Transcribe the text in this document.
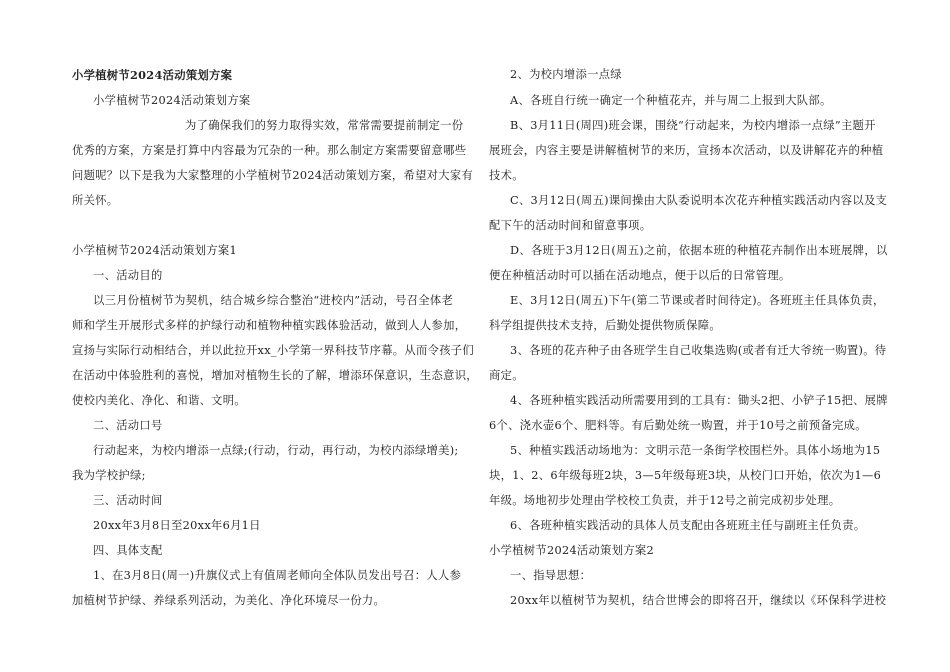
小学植树节2024活动策划方案
小学植树节2024活动策划方案
为了确保我们的努力取得实效，常常需要提前制定一份
优秀的方案，方案是打算中内容最为冗杂的一种。那么制定方案需要留意哪些
问题呢？以下是我为大家整理的小学植树节2024活动策划方案，希望对大家有
所关怀。
小学植树节2024活动策划方案1
一、活动目的
以三月份植树节为契机，结合城乡综合整治“进校内”活动，号召全体老
师和学生开展形式多样的护绿行动和植物种植实践体验活动，做到人人参加，
宣扬与实际行动相结合，并以此拉开xx_小学第一界科技节序幕。从而令孩子们
在活动中体验胜利的喜悦，增加对植物生长的了解，增添环保意识，生态意识，
使校内美化、净化、和谐、文明。
二、活动口号
行动起来，为校内增添一点绿;(行动，行动，再行动，为校内添绿增美);
我为学校护绿;
三、活动时间
20xx年3月8日至20xx年6月1日
四、具体支配
1、在3月8日(周一)升旗仪式上有值周老师向全体队员发出号召：人人参
加植树节护绿、养绿系列活动，为美化、净化环境尽一份力。
2、为校内增添一点绿
A、各班自行统一确定一个种植花卉，并与周二上报到大队部。
B、3月11日(周四)班会课，围绕“行动起来，为校内增添一点绿”主题开
展班会，内容主要是讲解植树节的来历，宣扬本次活动，以及讲解花卉的种植
技术。
C、3月12日(周五)课间操由大队委说明本次花卉种植实践活动内容以及支
配下午的活动时间和留意事项。
D、各班于3月12日(周五)之前，依据本班的种植花卉制作出本班展牌，以
便在种植活动时可以插在活动地点，便于以后的日常管理。
E、3月12日(周五)下午(第二节课或者时间待定)。各班班主任具体负责，
科学组提供技术支持，后勤处提供物质保障。
3、各班的花卉种子由各班学生自己收集选购(或者有迁大爷统一购置)。待
商定。
4、各班种植实践活动所需要用到的工具有：锄头2把、小铲子15把、展牌
6个、浇水壶6个、肥料等。有后勤处统一购置，并于10号之前预备完成。
5、种植实践活动场地为：文明示范一条街学校围栏外。具体小场地为15
块，1、2、6年级每班2块，3—5年级每班3块，从校门口开始，依次为1—6
年级。场地初步处理由学校校工负责，并于12号之前完成初步处理。
6、各班种植实践活动的具体人员支配由各班班主任与副班主任负责。
小学植树节2024活动策划方案2
一、指导思想：
20xx年以植树节为契机，结合世博会的即将召开，继续以《环保科学进校
